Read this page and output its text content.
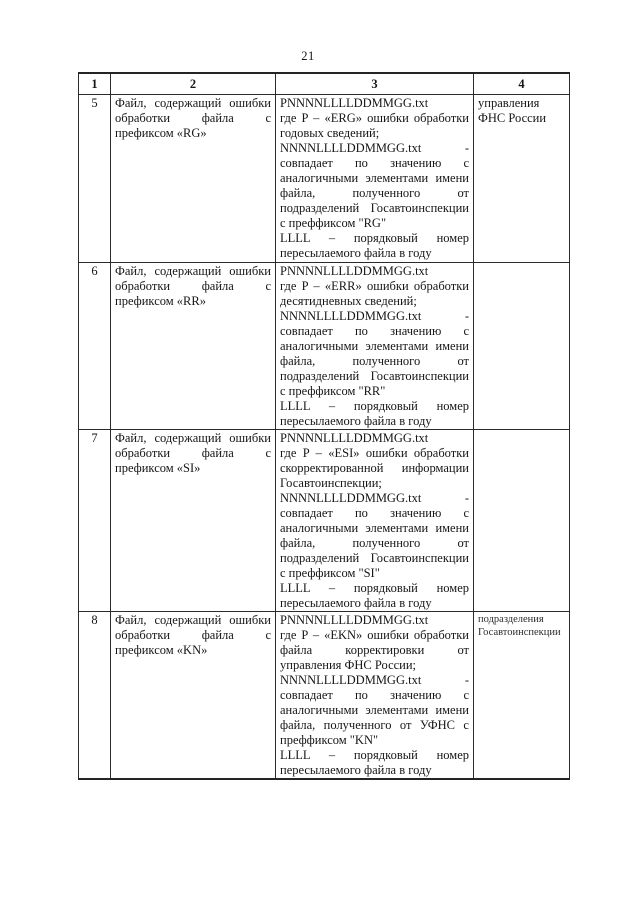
21
1	2	3	4
5	Файл, содержащий ошибки обработки файла с префиксом «RG»	PNNNNLLLLDDMMGG.txt

где P – «ERG» ошибки обработки годовых сведений;

NNNNLLLLDDMMGG.txt - совпадает по значению с аналогичными элементами имени файла, полученного от подразделений Госавтоинспекции с преффиксом "RG"

LLLL – порядковый номер пересылаемого файла в году	управления ФНС России

6	Файл, содержащий ошибки обработки файла с префиксом «RR»	PNNNNLLLLDDMMGG.txt

где P – «ERR» ошибки обработки десятидневных сведений;

NNNNLLLLDDMMGG.txt - совпадает по значению с аналогичными элементами имени файла, полученного от подразделений Госавтоинспекции с преффиксом "RR"

LLLL – порядковый номер пересылаемого файла в году	

7	Файл, содержащий ошибки обработки файла с префиксом «SI»	PNNNNLLLLDDMMGG.txt

где P – «ESI» ошибки обработки скорректированной информации Госавтоинспекции;

NNNNLLLLDDMMGG.txt - совпадает по значению с аналогичными элементами имени файла, полученного от подразделений Госавтоинспекции с преффиксом "SI"

LLLL – порядковый номер пересылаемого файла в году	

8	Файл, содержащий ошибки обработки файла с префиксом «KN»	PNNNNLLLLDDMMGG.txt

где P – «EKN» ошибки обработки файла корректировки от управления ФНС России;

NNNNLLLLDDMMGG.txt - совпадает по значению с аналогичными элементами имени файла, полученного от УФНС с преффиксом "KN"

LLLL – порядковый номер пересылаемого файла в году	подразделения Госавтоинспекции
